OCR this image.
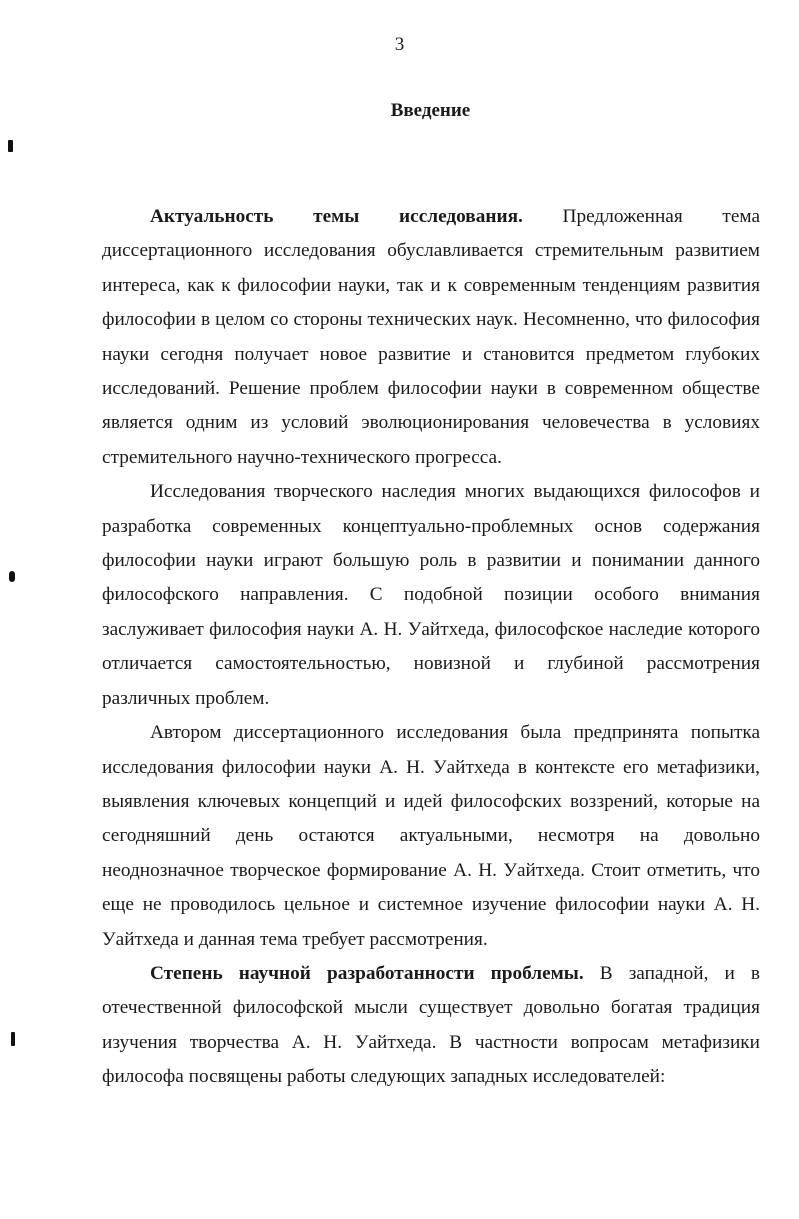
3
Введение

Актуальность темы исследования. Предложенная тема диссертационного исследования обуславливается стремительным развитием интереса, как к философии науки, так и к современным тенденциям развития философии в целом со стороны технических наук. Несомненно, что философия науки сегодня получает новое развитие и становится предметом глубоких исследований. Решение проблем философии науки в современном обществе является одним из условий эволюционирования человечества в условиях стремительного научно-технического прогресса.

Исследования творческого наследия многих выдающихся философов и разработка современных концептуально-проблемных основ содержания философии науки играют большую роль в развитии и понимании данного философского направления. С подобной позиции особого внимания заслуживает философия науки А. Н. Уайтхеда, философское наследие которого отличается самостоятельностью, новизной и глубиной рассмотрения различных проблем.

Автором диссертационного исследования была предпринята попытка исследования философии науки А. Н. Уайтхеда в контексте его метафизики, выявления ключевых концепций и идей философских воззрений, которые на сегодняшний день остаются актуальными, несмотря на довольно неоднозначное творческое формирование А. Н. Уайтхеда. Стоит отметить, что еще не проводилось цельное и системное изучение философии науки А. Н. Уайтхеда и данная тема требует рассмотрения.

Степень научной разработанности проблемы. В западной, и в отечественной философской мысли существует довольно богатая традиция изучения творчества А. Н. Уайтхеда. В частности вопросам метафизики философа посвящены работы следующих западных исследователей:
